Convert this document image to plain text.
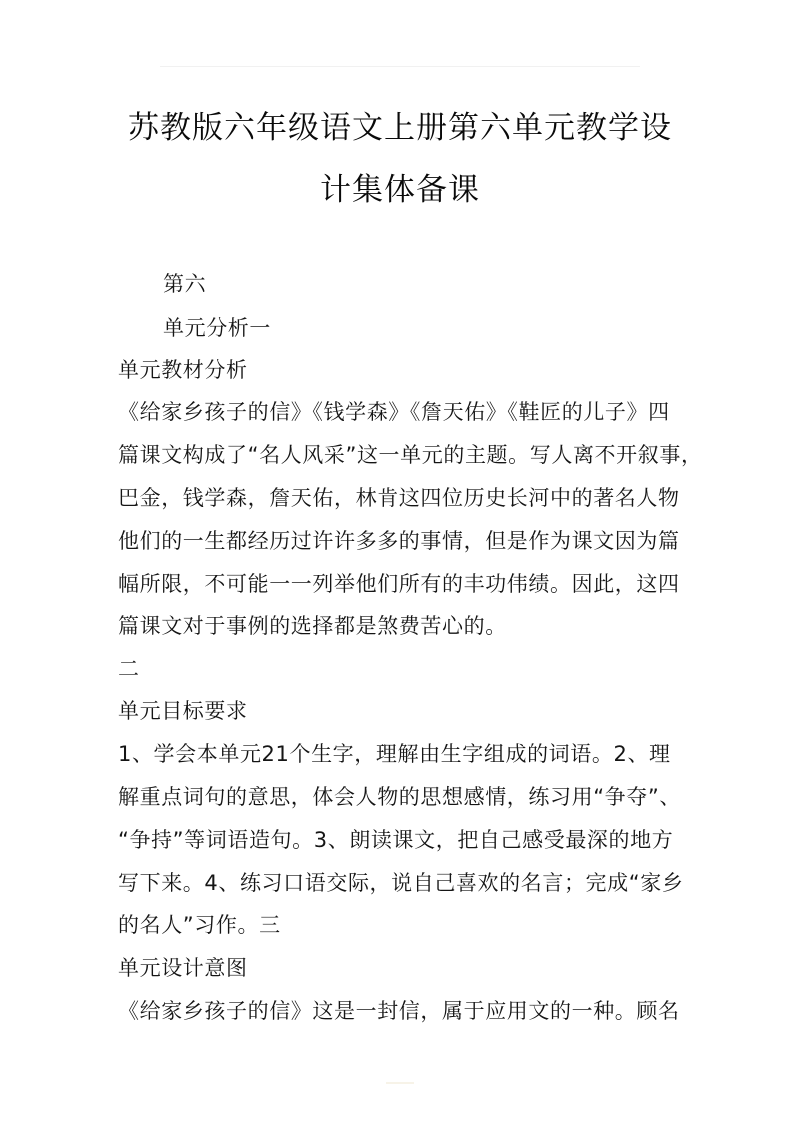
苏教版六年级语文上册第六单元教学设
计集体备课
第六
单元分析一
单元教材分析
《给家乡孩子的信》《钱学森》《詹天佑》《鞋匠的儿子》四
篇课文构成了“名人风采”这一单元的主题。写人离不开叙事，
巴金，钱学森，詹天佑，林肯这四位历史长河中的著名人物
他们的一生都经历过许许多多的事情，但是作为课文因为篇
幅所限，不可能一一列举他们所有的丰功伟绩。因此，这四
篇课文对于事例的选择都是煞费苦心的。
二
单元目标要求
1、学会本单元21个生字，理解由生字组成的词语。2、理
解重点词句的意思，体会人物的思想感情，练习用“争夺”、
“争持”等词语造句。3、朗读课文，把自己感受最深的地方
写下来。4、练习口语交际，说自己喜欢的名言；完成“家乡
的名人”习作。三
单元设计意图
《给家乡孩子的信》这是一封信，属于应用文的一种。顾名
